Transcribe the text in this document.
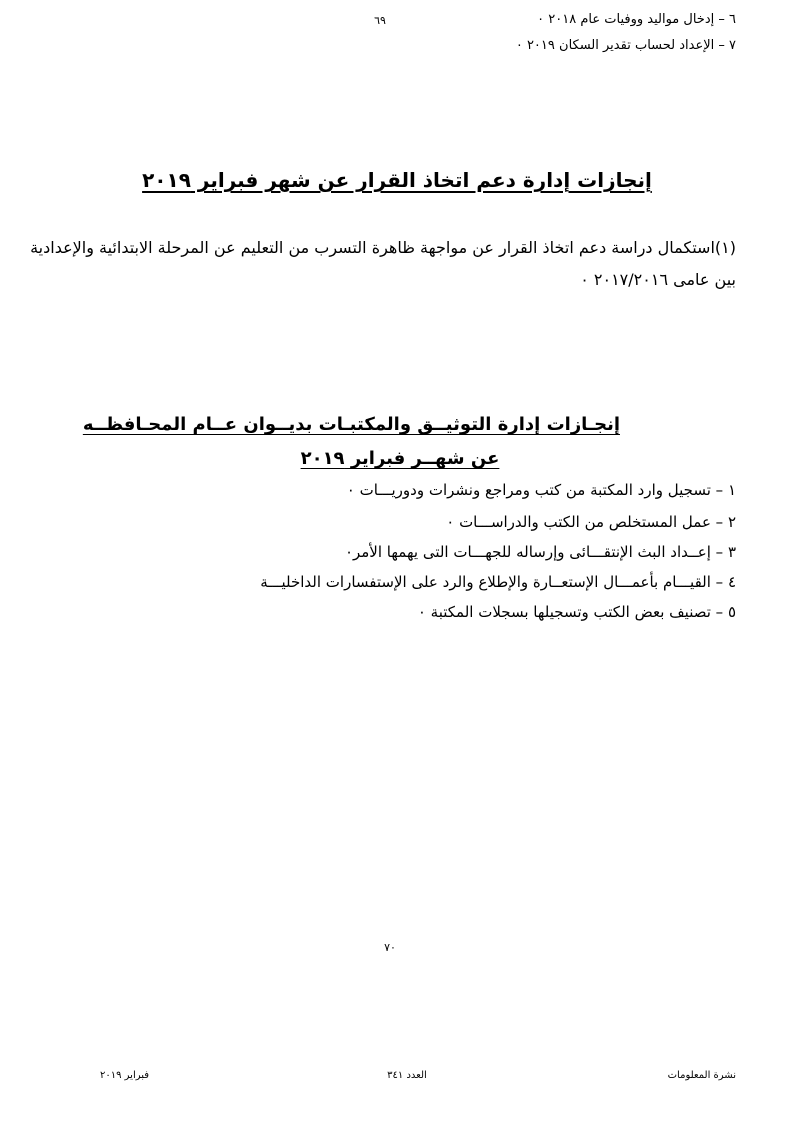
٦٩	٦ – إدخال مواليد ووفيات عام ٢٠١٨ ٠
٧ – الإعداد لحساب تقدير السكان ٢٠١٩ ٠
إنجازات إدارة دعم اتخاذ القرار عن شهر فبراير ٢٠١٩
(١)استكمال دراسة دعم اتخاذ القرار عن مواجهة ظاهرة التسرب من التعليم عن المرحلة الابتدائية والإعدادية
بين عامى ٢٠١٧/٢٠١٦ ٠
إنجـازات إدارة التوثيــق والمكتبـات بديــوان عــام المحـافظــه
عن شهــر فبراير ٢٠١٩
١ – تسجيل وارد المكتبة من كتب ومراجع ونشرات ودوريـــات ٠
٢ – عمل المستخلص من الكتب والدراســـات ٠
٣ – إعــداد البث الإنتقـــائى وإرساله للجهـــات التى يهمها الأمر٠
٤ – القيـــام بأعمـــال الإستعــارة والإطلاع والرد على الإستفسارات الداخليـــة
٥ – تصنيف بعض الكتب وتسجيلها بسجلات المكتبة ٠
٧٠
نشرة المعلومات
العدد ٣٤١
فبراير ٢٠١٩
